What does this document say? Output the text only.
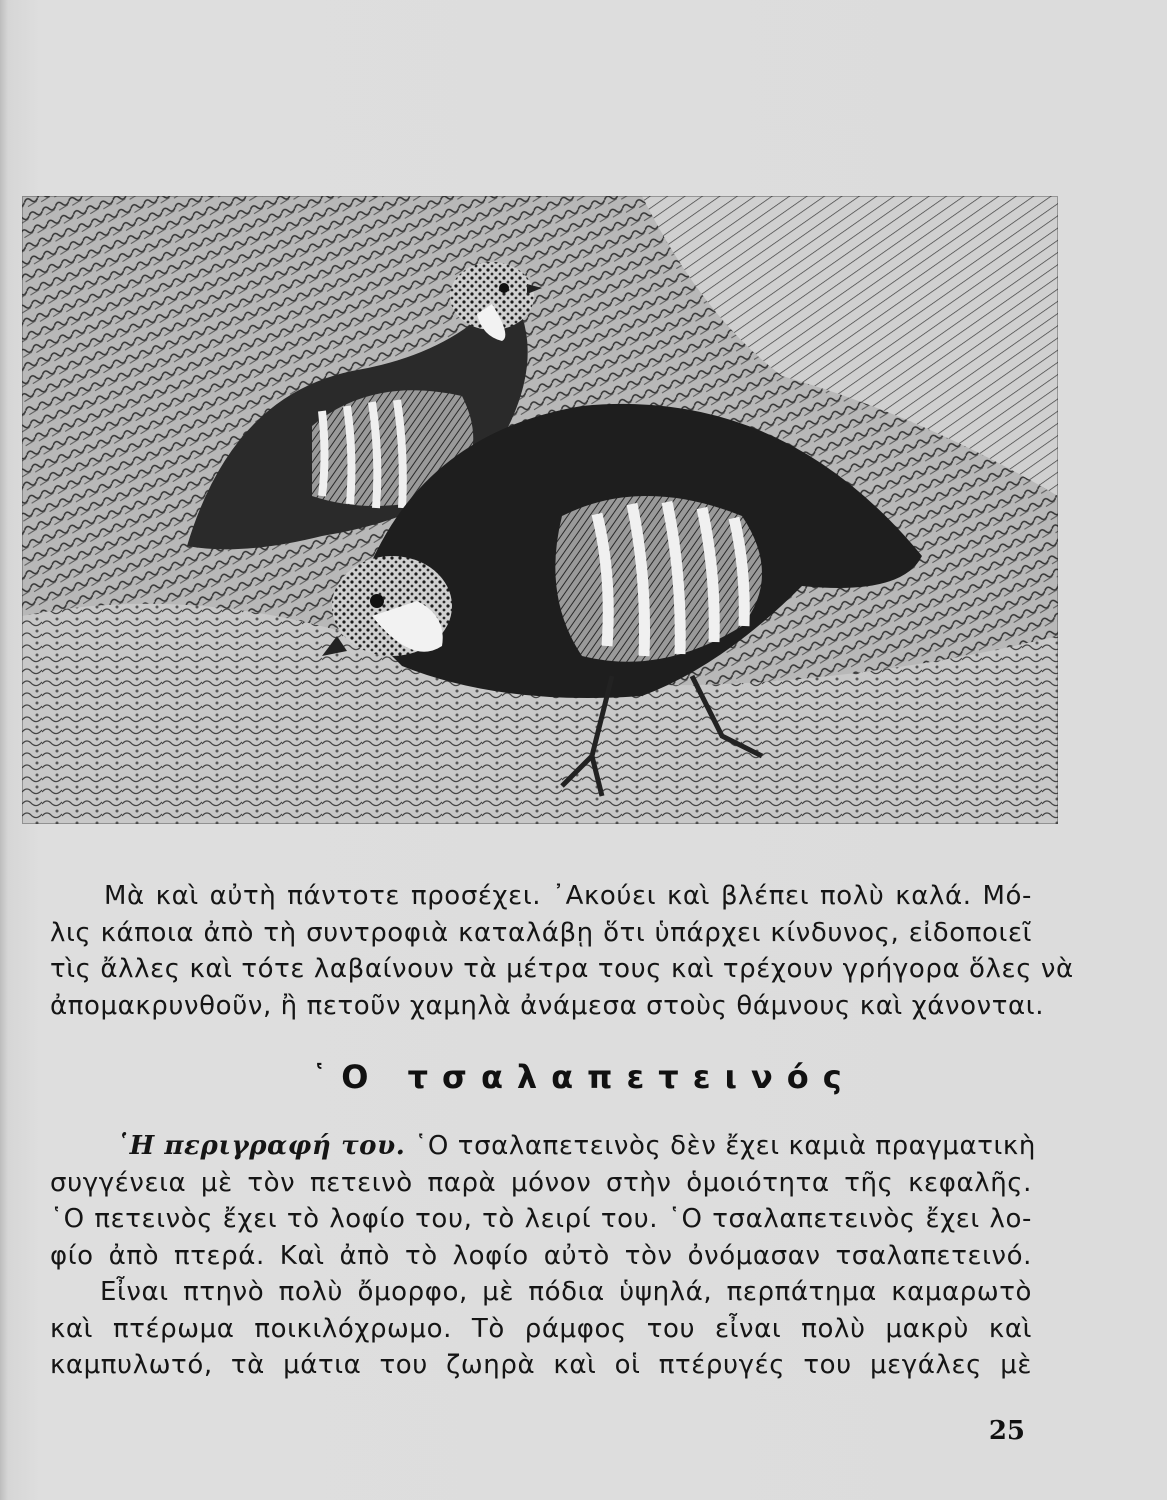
Μὰ καὶ αὐτὴ πάντοτε προσέχει. ᾿Ακούει καὶ βλέπει πολὺ καλά. Μό-
λις κάποια ἀπὸ τὴ συντροφιὰ καταλάβῃ ὅτι ὑπάρχει κίνδυνος, εἰδοποιεῖ
τὶς ἄλλες καὶ τότε λαβαίνουν τὰ μέτρα τους καὶ τρέχουν γρήγορα ὅλες νὰ
ἀπομακρυνθοῦν, ἢ πετοῦν χαμηλὰ ἀνάμεσα στοὺς θάμνους καὶ χάνονται.
῾Ο τσαλαπετεινός
῾Η περιγραφή του. ῾Ο τσαλαπετεινὸς δὲν ἔχει καμιὰ πραγματικὴ
συγγένεια μὲ τὸν πετεινὸ παρὰ μόνον στὴν ὁμοιότητα τῆς κεφαλῆς.
῾Ο πετεινὸς ἔχει τὸ λοφίο του, τὸ λειρί του. ῾Ο τσαλαπετεινὸς ἔχει λο-
φίο ἀπὸ πτερά. Καὶ ἀπὸ τὸ λοφίο αὐτὸ τὸν ὀνόμασαν τσαλαπετεινό.
Εἶναι πτηνὸ πολὺ ὄμορφο, μὲ πόδια ὑψηλά, περπάτημα καμαρωτὸ
καὶ πτέρωμα ποικιλόχρωμο. Τὸ ράμφος του εἶναι πολὺ μακρὺ καὶ
καμπυλωτό, τὰ μάτια του ζωηρὰ καὶ οἱ πτέρυγές του μεγάλες μὲ
25
